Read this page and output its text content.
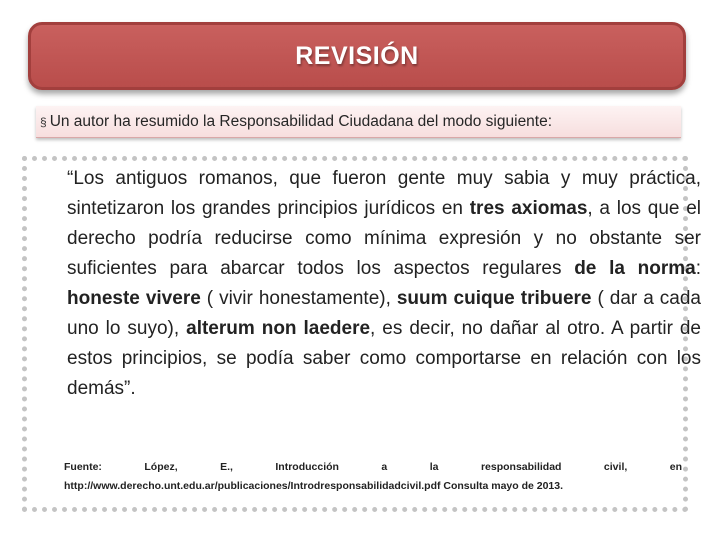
REVISIÓN
§ Un autor ha resumido la Responsabilidad Ciudadana del modo siguiente:

“Los antiguos romanos, que fueron gente muy sabia y muy práctica, sintetizaron los grandes principios jurídicos en tres axiomas, a los que el derecho podría reducirse como mínima expresión y no obstante ser suficientes para abarcar todos los aspectos regulares de la norma: honeste vivere ( vivir honestamente), suum cuique tribuere ( dar a cada uno lo suyo), alterum non laedere, es decir, no dañar al otro. A partir de estos principios, se podía saber como comportarse en relación con los demás”.

Fuente: López, E., Introducción a la responsabilidad civil, en http://www.derecho.unt.edu.ar/publicaciones/Introdresponsabilidadcivil.pdf Consulta mayo de 2013.
